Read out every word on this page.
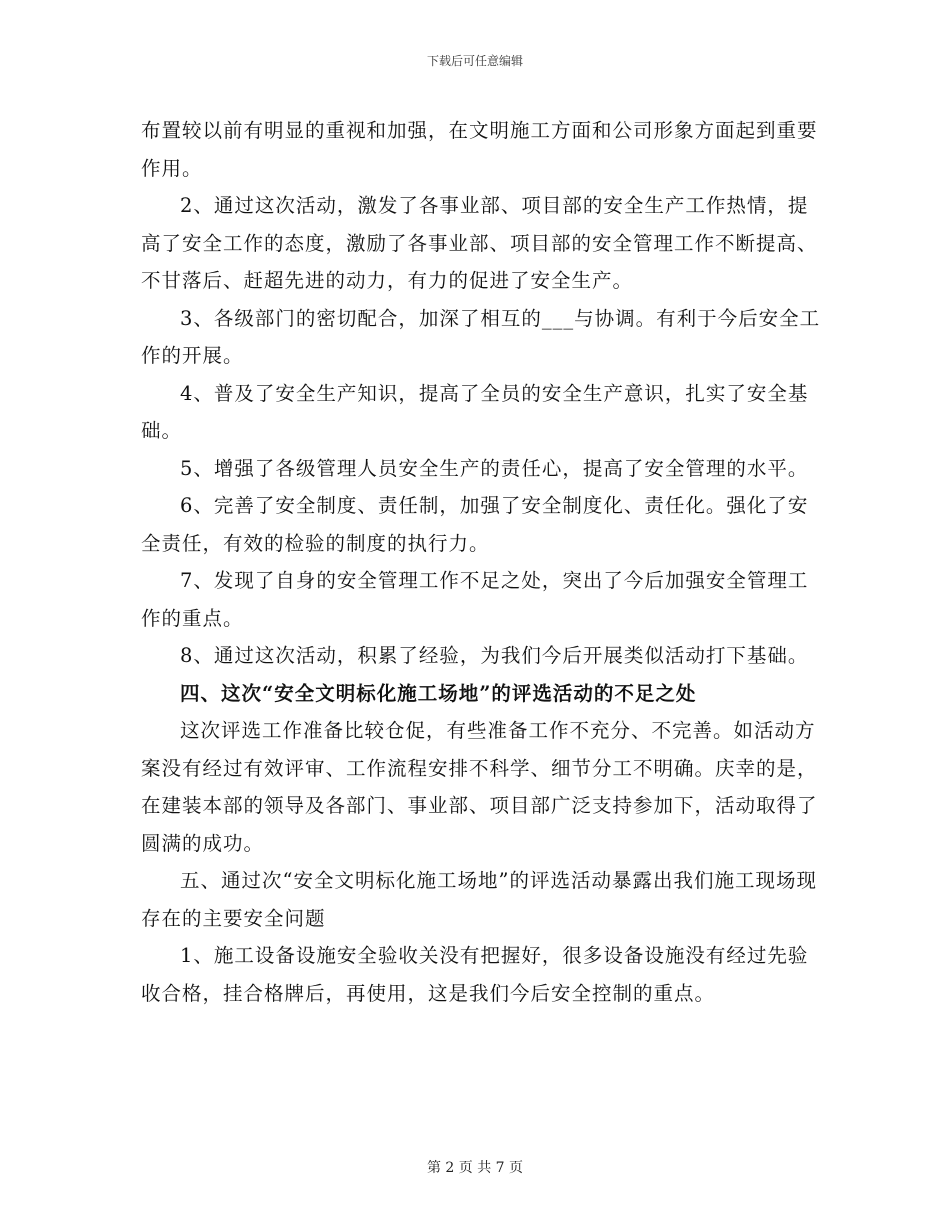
下载后可任意编辑

布置较以前有明显的重视和加强，在文明施工方面和公司形象方面起到重要作用。

2、通过这次活动，激发了各事业部、项目部的安全生产工作热情，提高了安全工作的态度，激励了各事业部、项目部的安全管理工作不断提高、不甘落后、赶超先进的动力，有力的促进了安全生产。

3、各级部门的密切配合，加深了相互的___与协调。有利于今后安全工作的开展。

4、普及了安全生产知识，提高了全员的安全生产意识，扎实了安全基础。

5、增强了各级管理人员安全生产的责任心，提高了安全管理的水平。

6、完善了安全制度、责任制，加强了安全制度化、责任化。强化了安全责任，有效的检验的制度的执行力。

7、发现了自身的安全管理工作不足之处，突出了今后加强安全管理工作的重点。

8、通过这次活动，积累了经验，为我们今后开展类似活动打下基础。

四、这次“安全文明标化施工场地”的评选活动的不足之处

这次评选工作准备比较仓促，有些准备工作不充分、不完善。如活动方案没有经过有效评审、工作流程安排不科学、细节分工不明确。庆幸的是，在建装本部的领导及各部门、事业部、项目部广泛支持参加下，活动取得了圆满的成功。

五、通过次“安全文明标化施工场地”的评选活动暴露出我们施工现场现存在的主要安全问题

1、施工设备设施安全验收关没有把握好，很多设备设施没有经过先验收合格，挂合格牌后，再使用，这是我们今后安全控制的重点。

第 2 页 共 7 页
